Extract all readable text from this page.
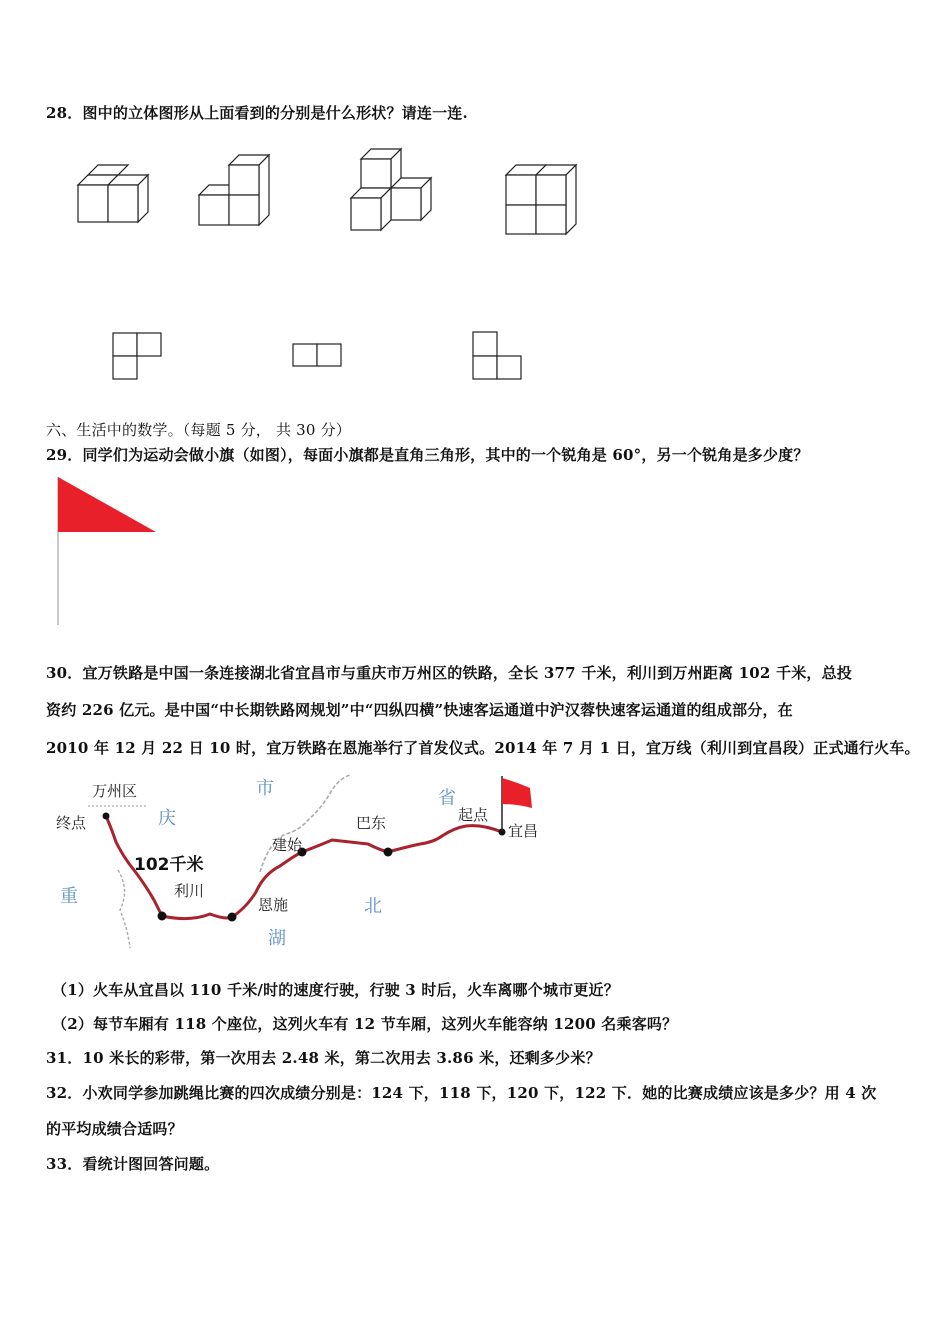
28．图中的立体图形从上面看到的分别是什么形状？请连一连.
六、生活中的数学。（每题 5 分， 共 30 分）
29．同学们为运动会做小旗（如图），每面小旗都是直角三角形，其中的一个锐角是 60°，另一个锐角是多少度？
30．宜万铁路是中国一条连接湖北省宜昌市与重庆市万州区的铁路，全长 377 千米，利川到万州距离 102 千米，总投
资约 226 亿元。是中国“中长期铁路网规划”中“四纵四横”快速客运通道中沪汉蓉快速客运通道的组成部分，在
2010 年 12 月 22 日 10 时，宜万铁路在恩施举行了首发仪式。2014 年 7 月 1 日，宜万线（利川到宜昌段）正式通行火车。
万州区
终点
102千米
利川
恩施
建始
巴东	起点
宜昌
市
庆
省
重	北
湖
（1）火车从宜昌以 110 千米/时的速度行驶，行驶 3 时后，火车离哪个城市更近？
（2）每节车厢有 118 个座位，这列火车有 12 节车厢，这列火车能容纳 1200 名乘客吗？
31．10 米长的彩带，第一次用去 2.48 米，第二次用去 3.86 米，还剩多少米？
32．小欢同学参加跳绳比赛的四次成绩分别是：124 下，118 下，120 下，122 下．她的比赛成绩应该是多少？用 4 次
的平均成绩合适吗？
33．看统计图回答问题。
